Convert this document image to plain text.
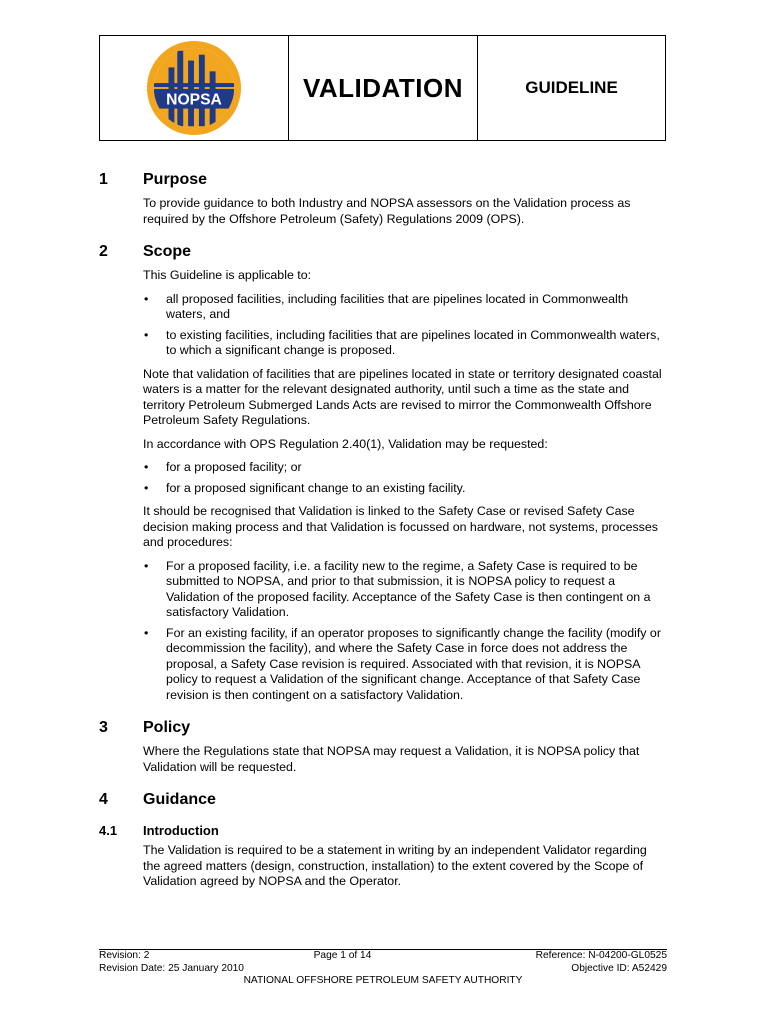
NOPSA	VALIDATION	GUIDELINE
1	Purpose

To provide guidance to both Industry and NOPSA assessors on the Validation process as required by the Offshore Petroleum (Safety) Regulations 2009 (OPS).

2	Scope

This Guideline is applicable to:

• all proposed facilities, including facilities that are pipelines located in Commonwealth waters, and
• to existing facilities, including facilities that are pipelines located in Commonwealth waters, to which a significant change is proposed.

Note that validation of facilities that are pipelines located in state or territory designated coastal waters is a matter for the relevant designated authority, until such a time as the state and territory Petroleum Submerged Lands Acts are revised to mirror the Commonwealth Offshore Petroleum Safety Regulations.

In accordance with OPS Regulation 2.40(1), Validation may be requested:

• for a proposed facility; or
• for a proposed significant change to an existing facility.

It should be recognised that Validation is linked to the Safety Case or revised Safety Case decision making process and that Validation is focussed on hardware, not systems, processes and procedures:

• For a proposed facility, i.e. a facility new to the regime, a Safety Case is required to be submitted to NOPSA, and prior to that submission, it is NOPSA policy to request a Validation of the proposed facility. Acceptance of the Safety Case is then contingent on a satisfactory Validation.
• For an existing facility, if an operator proposes to significantly change the facility (modify or decommission the facility), and where the Safety Case in force does not address the proposal, a Safety Case revision is required. Associated with that revision, it is NOPSA policy to request a Validation of the significant change. Acceptance of that Safety Case revision is then contingent on a satisfactory Validation.
3	Policy

Where the Regulations state that NOPSA may request a Validation, it is NOPSA policy that Validation will be requested.

4	Guidance
4.1	Introduction

The Validation is required to be a statement in writing by an independent Validator regarding the agreed matters (design, construction, installation) to the extent covered by the Scope of Validation agreed by NOPSA and the Operator.

Revision: 2	Page 1 of 14	Reference: N-04200-GL0525
Revision Date: 25 January 2010	Objective ID: A52429
NATIONAL OFFSHORE PETROLEUM SAFETY AUTHORITY
